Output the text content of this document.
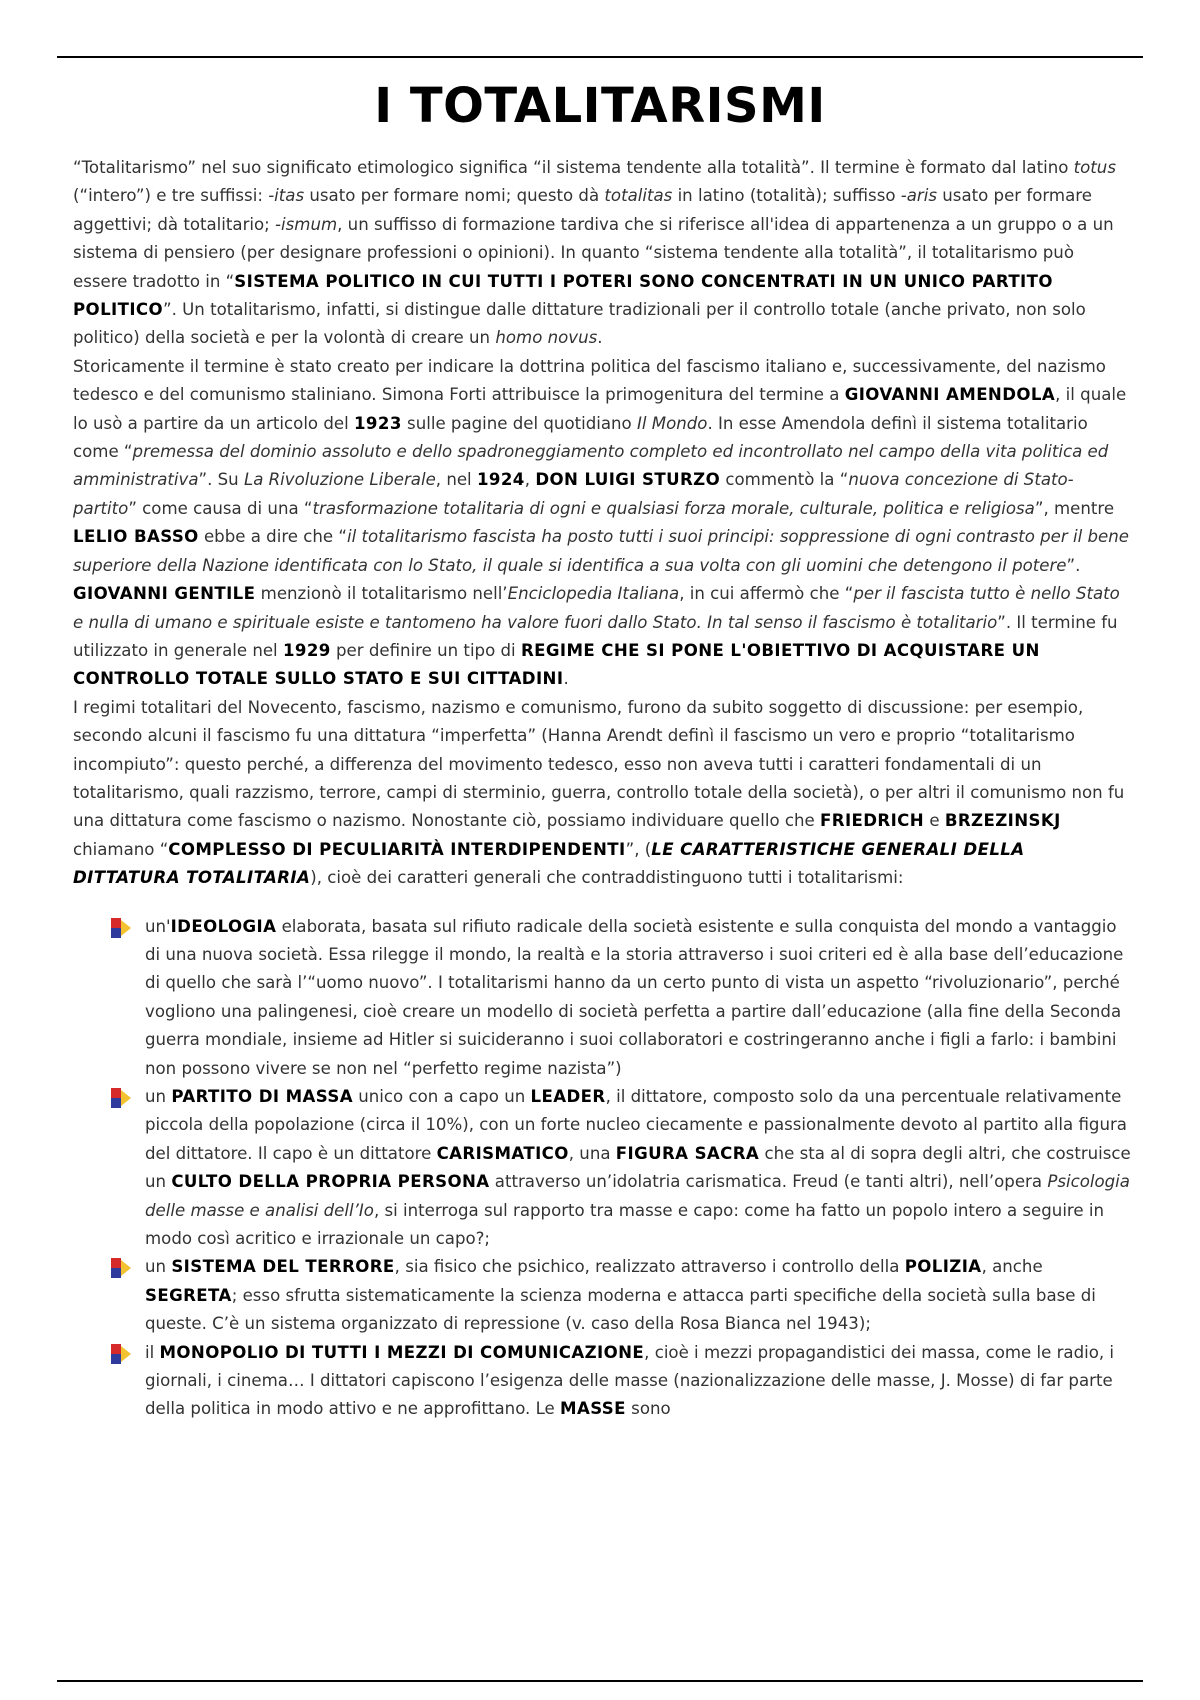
I TOTALITARISMI

“Totalitarismo” nel suo significato etimologico significa “il sistema tendente alla totalità”. Il termine è formato dal latino totus (“intero”) e tre suffissi: -itas usato per formare nomi; questo dà totalitas in latino (totalità); suffisso -aris usato per formare aggettivi; dà totalitario; -ismum, un suffisso di formazione tardiva che si riferisce all'idea di appartenenza a un gruppo o a un sistema di pensiero (per designare professioni o opinioni). In quanto “sistema tendente alla totalità”, il totalitarismo può essere tradotto in “SISTEMA POLITICO IN CUI TUTTI I POTERI SONO CONCENTRATI IN UN UNICO PARTITO POLITICO”. Un totalitarismo, infatti, si distingue dalle dittature tradizionali per il controllo totale (anche privato, non solo politico) della società e per la volontà di creare un homo novus.

Storicamente il termine è stato creato per indicare la dottrina politica del fascismo italiano e, successivamente, del nazismo tedesco e del comunismo staliniano. Simona Forti attribuisce la primogenitura del termine a GIOVANNI AMENDOLA, il quale lo usò a partire da un articolo del 1923 sulle pagine del quotidiano Il Mondo. In esse Amendola definì il sistema totalitario come “premessa del dominio assoluto e dello spadroneggiamento completo ed incontrollato nel campo della vita politica ed amministrativa”. Su La Rivoluzione Liberale, nel 1924, DON LUIGI STURZO commentò la “nuova concezione di Stato-partito” come causa di una “trasformazione totalitaria di ogni e qualsiasi forza morale, culturale, politica e religiosa”, mentre LELIO BASSO ebbe a dire che “il totalitarismo fascista ha posto tutti i suoi principi: soppressione di ogni contrasto per il bene superiore della Nazione identificata con lo Stato, il quale si identifica a sua volta con gli uomini che detengono il potere”. GIOVANNI GENTILE menzionò il totalitarismo nell’Enciclopedia Italiana, in cui affermò che “per il fascista tutto è nello Stato e nulla di umano e spirituale esiste e tantomeno ha valore fuori dallo Stato. In tal senso il fascismo è totalitario”. Il termine fu utilizzato in generale nel 1929 per definire un tipo di REGIME CHE SI PONE L'OBIETTIVO DI ACQUISTARE UN CONTROLLO TOTALE SULLO STATO E SUI CITTADINI.

I regimi totalitari del Novecento, fascismo, nazismo e comunismo, furono da subito soggetto di discussione: per esempio, secondo alcuni il fascismo fu una dittatura “imperfetta” (Hanna Arendt definì il fascismo un vero e proprio “totalitarismo incompiuto”: questo perché, a differenza del movimento tedesco, esso non aveva tutti i caratteri fondamentali di un totalitarismo, quali razzismo, terrore, campi di sterminio, guerra, controllo totale della società), o per altri il comunismo non fu una dittatura come fascismo o nazismo. Nonostante ciò, possiamo individuare quello che FRIEDRICH e BRZEZINSKJ chiamano “COMPLESSO DI PECULIARITÀ INTERDIPENDENTI”, (LE CARATTERISTICHE GENERALI DELLA DITTATURA TOTALITARIA), cioè dei caratteri generali che contraddistinguono tutti i totalitarismi:

un'IDEOLOGIA elaborata, basata sul rifiuto radicale della società esistente e sulla conquista del mondo a vantaggio di una nuova società. Essa rilegge il mondo, la realtà e la storia attraverso i suoi criteri ed è alla base dell’educazione di quello che sarà l’“uomo nuovo”. I totalitarismi hanno da un certo punto di vista un aspetto “rivoluzionario”, perché vogliono una palingenesi, cioè creare un modello di società perfetta a partire dall’educazione (alla fine della Seconda guerra mondiale, insieme ad Hitler si suicideranno i suoi collaboratori e costringeranno anche i figli a farlo: i bambini non possono vivere se non nel “perfetto regime nazista”)
un PARTITO DI MASSA unico con a capo un LEADER, il dittatore, composto solo da una percentuale relativamente piccola della popolazione (circa il 10%), con un forte nucleo ciecamente e passionalmente devoto al partito alla figura del dittatore. Il capo è un dittatore CARISMATICO, una FIGURA SACRA che sta al di sopra degli altri, che costruisce un CULTO DELLA PROPRIA PERSONA attraverso un’idolatria carismatica. Freud (e tanti altri), nell’opera Psicologia delle masse e analisi dell’Io, si interroga sul rapporto tra masse e capo: come ha fatto un popolo intero a seguire in modo così acritico e irrazionale un capo?;
un SISTEMA DEL TERRORE, sia fisico che psichico, realizzato attraverso i controllo della POLIZIA, anche SEGRETA; esso sfrutta sistematicamente la scienza moderna e attacca parti specifiche della società sulla base di queste. C’è un sistema organizzato di repressione (v. caso della Rosa Bianca nel 1943);
il MONOPOLIO DI TUTTI I MEZZI DI COMUNICAZIONE, cioè i mezzi propagandistici dei massa, come le radio, i giornali, i cinema… I dittatori capiscono l’esigenza delle masse (nazionalizzazione delle masse, J. Mosse) di far parte della politica in modo attivo e ne approfittano. Le MASSE sono
